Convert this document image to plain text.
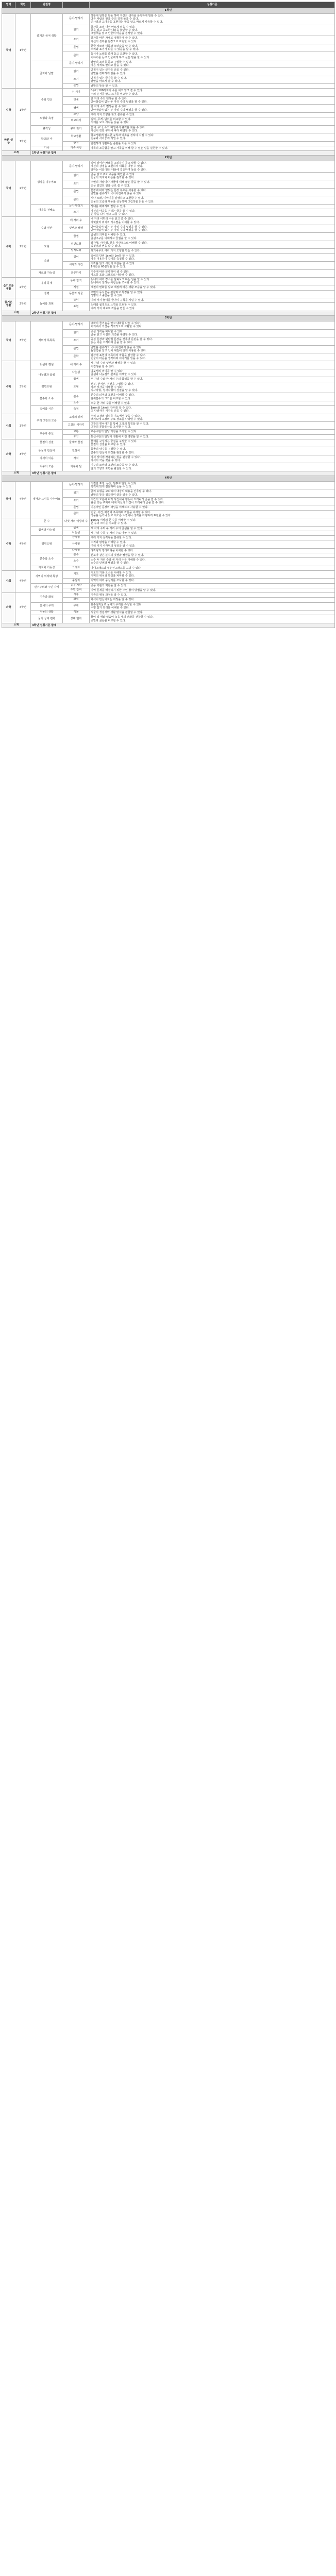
영역	학년	단원명		성취기준
1학년				
국어	1학년	즐거운 국어 생활	듣기·말하기	상황에 알맞은 말을 하며 자신의 생각을 분명하게 말할 수 있다.
다른 사람의 말을 주의 깊게 들을 수 있다.
인사말과 고마움을 표현하는 말을 알고 바르게 사용할 수 있다.

			읽기	글자를 소리 내어 바르게 읽을 수 있다.
글을 읽고 중요한 내용을 확인할 수 있다.
그림책을 읽고 인물의 마음을 짐작할 수 있다.

			쓰기	글자를 바른 자세로 정확하게 쓸 수 있다.
자신의 생각을 문장으로 표현할 수 있다.

			문법	한글 자모의 이름과 소릿값을 알 수 있다.
소리와 표기가 다를 수 있음을 알 수 있다.

			문학	동시나 노래를 즐겨 듣고 표현할 수 있다.
이야기를 듣고 인물에게 하고 싶은 말을 할 수 있다.

		글자와 낱말	듣기·말하기	낱말의 소리를 듣고 구별할 수 있다.
바른 자세로 말하고 들을 수 있다.

			읽기	받침이 있는 글자를 읽을 수 있다.
낱말을 정확하게 읽을 수 있다.

			쓰기	받침이 있는 글자를 쓸 수 있다.
낱말을 바르게 쓸 수 있다.

			문법	낱말의 뜻을 알 수 있다.

수학	1학년	수와 연산	수 세기	0부터 100까지의 수를 세고 읽고 쓸 수 있다.
수의 순서를 알고 크기를 비교할 수 있다.

			덧셈	한 자리 수의 덧셈을 할 수 있다.
받아올림이 없는 두 자리 수의 덧셈을 할 수 있다.

			뺄셈	한 자리 수의 뺄셈을 할 수 있다.
받아내림이 없는 두 자리 수의 뺄셈을 할 수 있다.

		도형과 측정	모양	여러 가지 모양을 찾고 분류할 수 있다.

			비교하기	길이, 무게, 넓이를 비교할 수 있다.
시계를 보고 시각을 읽을 수 있다.

		규칙성	규칙 찾기	물체, 무늬, 수의 배열에서 규칙을 찾을 수 있다.
자신이 정한 규칙에 따라 배열할 수 있다.

바른 생활	1학년	학교와 나	학교생활	학교생활에 필요한 규칙과 약속을 정하여 지킬 수 있다.
친구와 사이좋게 지낼 수 있다.

			안전	안전하게 생활하는 습관을 기를 수 있다.

		가족	가족 사랑	가족의 소중함을 알고 가족을 위해 할 수 있는 일을 실천할 수 있다.

소계		1학년 성취기준 합계		
2학년				
국어	2학년	생각을 나누어요	듣기·말하기	일이 일어난 차례를 고려하며 듣고 말할 수 있다.
자신의 감정을 표현하며 대화를 나눌 수 있다.
말하는 이와 말의 내용에 집중하며 들을 수 있다.

			읽기	글을 읽고 주요 내용을 확인할 수 있다.
인물의 처지와 마음을 짐작할 수 있다.

			쓰기	주변의 사람이나 사물에 대해 짧은 글을 쓸 수 있다.
인상 깊었던 일을 글로 쓸 수 있다.

			문법	문장에 따라 알맞은 문장 부호를 사용할 수 있다.
낱말을 분류하고 국어사전에서 찾을 수 있다.

			문학	시나 노래, 이야기를 감상하고 표현할 수 있다.
인물의 모습과 행동을 상상하며 그림책을 읽을 수 있다.

		마음을 전해요	듣기·말하기	상대를 배려하며 말할 수 있다.

			쓰기	자신의 마음을 전하는 글을 쓸 수 있다.
쓴 글을 다시 읽고 고칠 수 있다.

수학	2학년	수와 연산	네 자리 수	네 자리 이하의 수를 읽고 쓸 수 있다.
자릿값과 위치적 기수법을 이해할 수 있다.

			덧셈과 뺄셈	받아올림이 있는 두 자리 수의 덧셈을 할 수 있다.
받아내림이 있는 두 자리 수의 뺄셈을 할 수 있다.

			곱셈	곱셈의 의미를 이해할 수 있다.
곱셈구구를 이해하고 곱셈을 할 수 있다.

		도형	평면도형	삼각형, 사각형, 원을 직관적으로 이해할 수 있다.
꼭짓점과 변을 알 수 있다.

			입체도형	쌓기나무로 여러 가지 모양을 만들 수 있다.

		측정	길이	길이의 단위 1cm와 1m를 알 수 있다.
자를 이용하여 길이를 측정할 수 있다.

			시각과 시간	시각을 읽고 시간의 흐름을 알 수 있다.
1시간은 60분임을 알 수 있다.

		자료와 가능성	분류하기	기준에 따라 분류하여 셀 수 있다.
자료를 표와 그래프로 나타낼 수 있다.

슬기로운 생활	2학년	우리 동네	동네 탐색	동네의 여러 장소를 살펴보고 하는 일을 알 수 있다.
동네에서 일하는 사람들을 조사할 수 있다.

			계절	계절의 변화를 알고 계절에 따른 생활 모습을 알 수 있다.

		생명	동물과 식물	주변의 동식물을 관찰하고 특징을 알 수 있다.
생명의 소중함을 알 수 있다.

즐거운 생활	2학년	놀이와 표현	놀이	여러 가지 놀이를 즐기며 규칙을 지킬 수 있다.

			표현	노래와 몸짓으로 느낌을 표현할 수 있다.
여러 가지 재료로 작품을 만들 수 있다.

소계		2학년 성취기준 합계		
3학년				
국어	3학년	재미가 톡톡톡	듣기·말하기	대화의 즐거움을 알고 대화를 나눌 수 있다.
회의에서 의견을 적극적으로 교환할 수 있다.

			읽기	중심 생각을 파악할 수 있다.
글을 읽고 사실과 의견을 구별할 수 있다.

			쓰기	중심 문장과 뒷받침 문장을 갖추어 문단을 쓸 수 있다.
읽는 이를 고려하며 글을 쓸 수 있다.

			문법	낱말을 분류하고 국어사전에서 찾을 수 있다.
높임법을 알고 언어 예절에 맞게 사용할 수 있다.

			문학	감각적 표현에 주목하며 작품을 감상할 수 있다.
인물의 마음을 생각하며 이야기를 읽을 수 있다.

수학	3학년	덧셈과 뺄셈	세 자리 수	세 자리 수의 덧셈과 뺄셈을 할 수 있다.
어림셈을 할 수 있다.

		나눗셈과 곱셈	나눗셈	나눗셈의 의미를 알 수 있다.
곱셈과 나눗셈의 관계를 이해할 수 있다.

			곱셈	두 자리 수와 한 자리 수의 곱셈을 할 수 있다.

		평면도형	도형	선분, 반직선, 직선을 구별할 수 있다.
각과 직각을 이해할 수 있다.
직사각형, 정사각형의 성질을 알 수 있다.

		분수와 소수	분수	분수의 의미와 표현을 이해할 수 있다.
단위분수의 크기를 비교할 수 있다.

			소수	소수 한 자리 수를 이해할 수 있다.

		길이와 시간	측정	1mm와 1km의 단위를 알 수 있다.
초 단위까지 시각을 읽을 수 있다.

사회	3학년	우리 고장의 모습	고장의 위치	우리 고장의 위치를 지도에서 찾을 수 있다.
백지도에 고장의 주요 장소를 나타낼 수 있다.

			고장의 이야기	고장의 옛이야기를 통해 고장의 특징을 알 수 있다.
고장의 문화유산을 조사할 수 있다.

		교통과 통신	교통	교통수단의 발달 과정을 조사할 수 있다.

			통신	통신수단의 발달이 생활에 미친 영향을 알 수 있다.

과학	3학년	물질의 성질	물체와 물질	물체를 구성하는 물질을 구별할 수 있다.
물질의 성질을 비교할 수 있다.

		동물의 한살이	한살이	동물의 암수를 구별할 수 있다.
곤충의 한살이 과정을 관찰할 수 있다.

		자석의 이용	자석	자석 사이에 작용하는 힘을 관찰할 수 있다.
자석의 극을 찾을 수 있다.

		지구의 모습	지구와 달	지구의 모양과 표면의 모습을 알 수 있다.
달의 모양과 표면을 관찰할 수 있다.

소계		3학년 성취기준 합계		
4학년				
국어	4학년	생각과 느낌을 나누어요	듣기·말하기	적절한 표정, 몸짓, 말투로 말할 수 있다.
목적에 맞게 질문하며 들을 수 있다.

			읽기	글의 유형을 고려하여 대강의 내용을 간추릴 수 있다.
낱말의 뜻을 짐작하며 글을 읽을 수 있다.

			쓰기	시간의 흐름에 따라 사건이나 행동이 드러나게 글을 쓸 수 있다.
관심 있는 주제에 대해 자신의 의견이 드러나게 글을 쓸 수 있다.

			문법	기본적인 문장의 짜임을 이해하고 사용할 수 있다.

			문학	인물, 사건, 배경에 주목하며 작품을 이해할 수 있다.
작품을 듣거나 읽고 떠오른 느낌이나 생각을 다양하게 표현할 수 있다.

수학	4학년	큰 수	다섯 자리 이상의 수	10000 이상의 큰 수를 이해할 수 있다.
큰 수의 크기를 비교할 수 있다.

		곱셈과 나눗셈	곱셈	세 자리 수와 두 자리 수의 곱셈을 할 수 있다.

			나눗셈	세 자리 수를 두 자리 수로 나눌 수 있다.

		평면도형	삼각형	여러 가지 삼각형을 분류할 수 있다.

			사각형	수직과 평행을 이해할 수 있다.
여러 가지 사각형의 성질을 알 수 있다.

			다각형	다각형과 정다각형을 이해할 수 있다.

		분수와 소수	분수	분모가 같은 분수의 덧셈과 뺄셈을 할 수 있다.

			소수	소수 두 자리 수와 세 자리 수를 이해할 수 있다.
소수의 덧셈과 뺄셈을 할 수 있다.

		자료와 가능성	그래프	막대그래프와 꺾은선그래프를 그릴 수 있다.

사회	4학년	지역의 위치와 특성	지도	지도의 기본 요소를 이해할 수 있다.
지역의 위치와 특성을 파악할 수 있다.

			중심지	지역의 여러 중심지를 조사할 수 있다.

		민주주의와 주민 자치	공공 기관	공공 기관의 역할을 알 수 있다.

			주민 참여	지역 문제를 해결하기 위한 주민 참여 방법을 알 수 있다.

과학	4학년	지층과 화석	지층	지층의 형성 과정을 알 수 있다.

			화석	화석이 만들어지는 과정을 알 수 있다.

		물체의 무게	무게	용수철저울로 물체의 무게를 측정할 수 있다.
수평 잡기 원리를 이해할 수 있다.

		식물의 생활	식물	식물의 생김새와 생활 방식을 관찰할 수 있다.

		물의 상태 변화	상태 변화	물이 얼 때와 얼음이 녹을 때의 변화를 관찰할 수 있다.
증발과 끓음을 비교할 수 있다.

소계		4학년 성취기준 합계		
